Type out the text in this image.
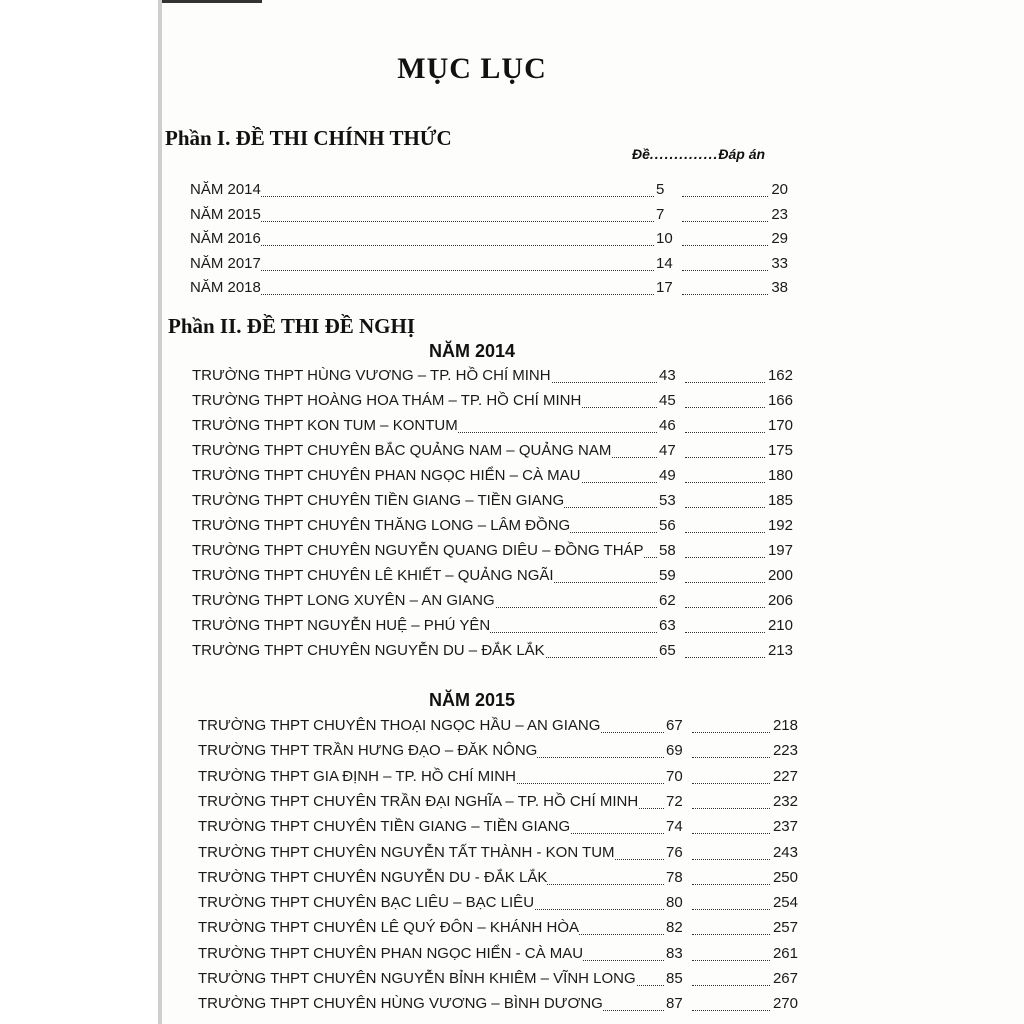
MỤC LỤC
Phần I. ĐỀ THI CHÍNH THỨC
Đề..............Đáp án
NĂM 2014	5	20
NĂM 2015	7	23
NĂM 2016	10	29
NĂM 2017	14	33
NĂM 2018	17	38
Phần II. ĐỀ THI ĐỀ NGHỊ
NĂM 2014
TRƯỜNG THPT HÙNG VƯƠNG – TP. HỒ CHÍ MINH	43	162
TRƯỜNG THPT HOÀNG HOA THÁM – TP. HỒ CHÍ MINH	45	166
TRƯỜNG THPT KON TUM – KONTUM	46	170
TRƯỜNG THPT CHUYÊN BẮC QUẢNG NAM – QUẢNG NAM	47	175
TRƯỜNG THPT CHUYÊN PHAN NGỌC HIỂN – CÀ MAU	49	180
TRƯỜNG THPT CHUYÊN TIỀN GIANG – TIỀN GIANG	53	185
TRƯỜNG THPT CHUYÊN THĂNG LONG – LÂM ĐỒNG	56	192
TRƯỜNG THPT CHUYÊN NGUYỄN QUANG DIÊU – ĐỒNG THÁP 58	197
TRƯỜNG THPT CHUYÊN LÊ KHIẾT – QUẢNG NGÃI	59	200
TRƯỜNG THPT LONG XUYÊN – AN GIANG	62	206
TRƯỜNG THPT NGUYỄN HUỆ – PHÚ YÊN	63	210
TRƯỜNG THPT CHUYÊN NGUYỄN DU – ĐẮK LẮK	65	213
NĂM 2015
TRƯỜNG THPT CHUYÊN THOẠI NGỌC HẦU – AN GIANG	67	218
TRƯỜNG THPT TRẦN HƯNG ĐẠO – ĐĂK NÔNG	69	223
TRƯỜNG THPT GIA ĐỊNH – TP. HỒ CHÍ MINH	70	227
TRƯỜNG THPT CHUYÊN TRẦN ĐẠI NGHĨA – TP. HỒ CHÍ MINH 72	232
TRƯỜNG THPT CHUYÊN TIỀN GIANG – TIỀN GIANG	74	237
TRƯỜNG THPT CHUYÊN NGUYỄN TẤT THÀNH - KON TUM	76	243
TRƯỜNG THPT CHUYÊN NGUYỄN DU - ĐẮK LẮK	78	250
TRƯỜNG THPT CHUYÊN BẠC LIÊU – BẠC LIÊU	80	254
TRƯỜNG THPT CHUYÊN LÊ QUÝ ĐÔN – KHÁNH HÒA	82	257
TRƯỜNG THPT CHUYÊN PHAN NGỌC HIỂN - CÀ MAU	83	261
TRƯỜNG THPT CHUYÊN NGUYỄN BỈNH KHIÊM – VĨNH LONG 85	267
TRƯỜNG THPT CHUYÊN HÙNG VƯƠNG – BÌNH DƯƠNG	87	270
